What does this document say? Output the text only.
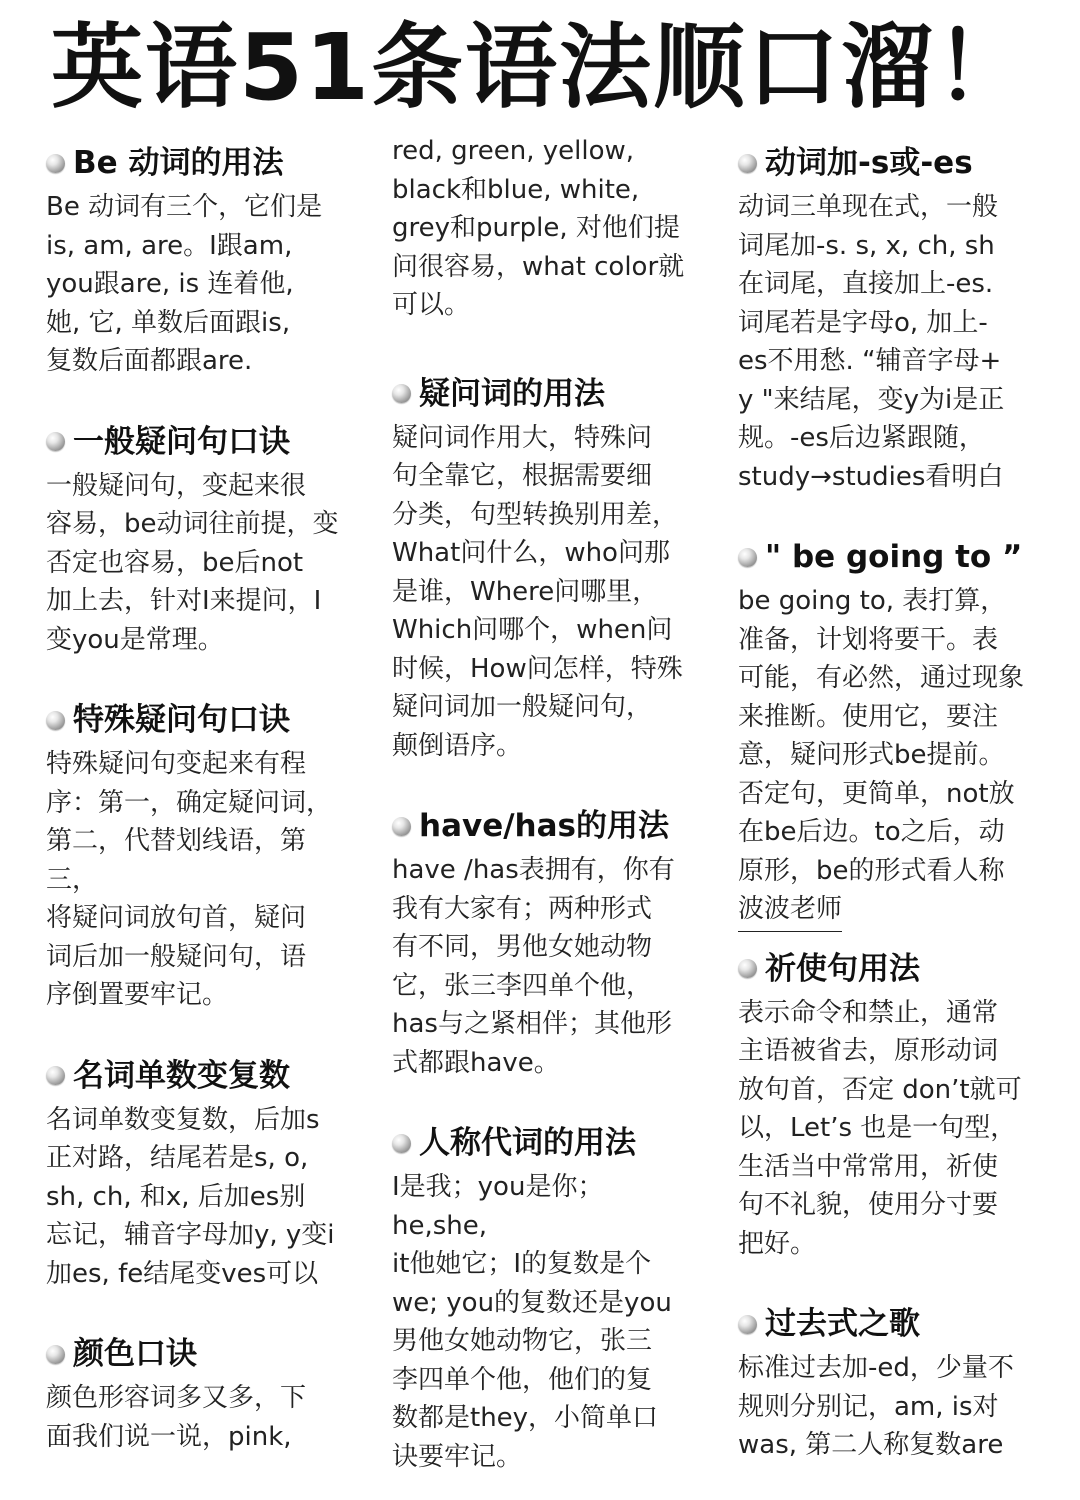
英语51条语法顺口溜！
Be 动词的用法
Be 动词有三个，它们是
is, am, are。I跟am,
you跟are, is 连着他,
她, 它, 单数后面跟is,
复数后面都跟are.
一般疑问句口诀
一般疑问句，变起来很
容易，be动词往前提，变
否定也容易，be后not
加上去，针对I来提问，I
变you是常理。
特殊疑问句口诀
特殊疑问句变起来有程
序：第一，确定疑问词，
第二，代替划线语，第三，
将疑问词放句首，疑问
词后加一般疑问句，语
序倒置要牢记。
名词单数变复数
名词单数变复数，后加s
正对路，结尾若是s, o,
sh, ch, 和x, 后加es别
忘记，辅音字母加y, y变i
加es, fe结尾变ves可以
颜色口诀
颜色形容词多又多，下
面我们说一说，pink,
red, green, yellow,
black和blue, white,
grey和purple, 对他们提
问很容易，what color就
可以。
疑问词的用法
疑问词作用大，特殊问
句全靠它，根据需要细
分类，句型转换别用差，
What问什么，who问那
是谁，Where问哪里，
Which问哪个，when问
时候，How问怎样，特殊
疑问词加一般疑问句，
颠倒语序。
have/has的用法
have /has表拥有，你有
我有大家有；两种形式
有不同，男他女她动物
它，张三李四单个他，
has与之紧相伴；其他形
式都跟have。
人称代词的用法
I是我；you是你；he,she,
it他她它；I的复数是个
we; you的复数还是you
男他女她动物它，张三
李四单个他，他们的复
数都是they，小简单口
诀要牢记。
动词加-s或-es
动词三单现在式，一般
词尾加-s. s, x, ch, sh
在词尾，直接加上-es.
词尾若是字母o, 加上-
es不用愁. “辅音字母+
y "来结尾，变y为i是正
规。-es后边紧跟随，
study→studies看明白
" be going to ”
be going to, 表打算，
准备，计划将要干。表
可能，有必然，通过现象
来推断。使用它，要注
意，疑问形式be提前。
否定句，更简单，not放
在be后边。to之后，动
原形，be的形式看人称
波波老师
祈使句用法
表示命令和禁止，通常
主语被省去，原形动词
放句首，否定 don’t就可
以，Let’s 也是一句型，
生活当中常常用，祈使
句不礼貌，使用分寸要
把好。
过去式之歌
标准过去加-ed，少量不
规则分别记，am, is对
was, 第二人称复数are
